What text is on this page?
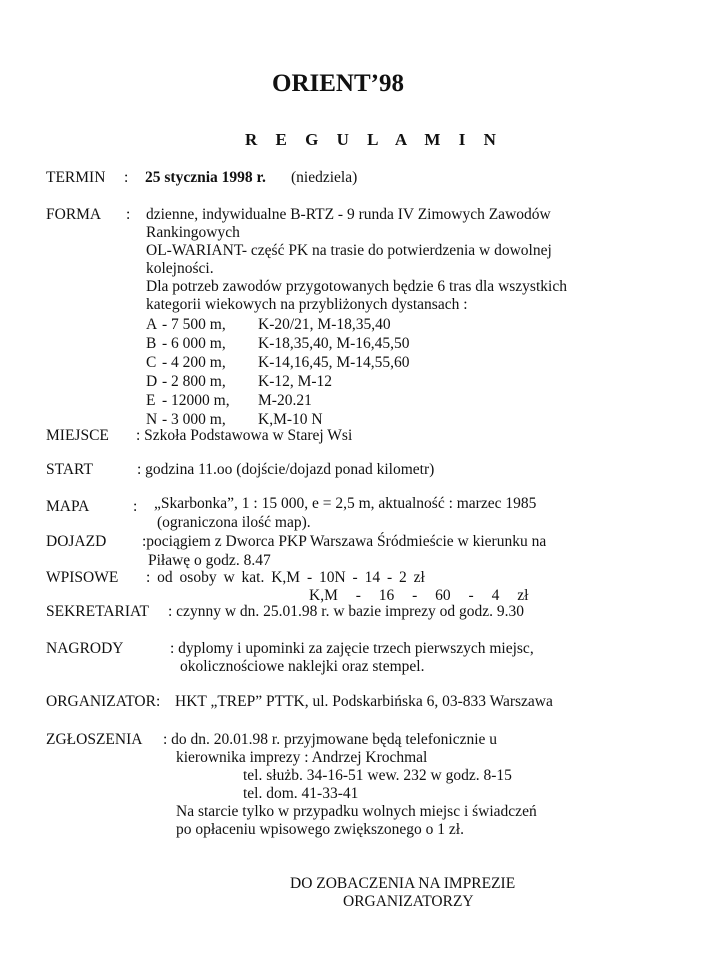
ORIENT’98
R E G U L A M I N
TERMIN : 25 stycznia 1998 r. (niedziela)
FORMA : dzienne, indywidualne B-RTZ - 9 runda IV Zimowych Zawodów
Rankingowych
OL-WARIANT- część PK na trasie do potwierdzenia w dowolnej
kolejności.
Dla potrzeb zawodów przygotowanych będzie 6 tras dla wszystkich
kategorii wiekowych na przybliżonych dystansach :
A - 7 500 m, K-20/21, M-18,35,40
B - 6 000 m, K-18,35,40, M-16,45,50
C - 4 200 m, K-14,16,45, M-14,55,60
D - 2 800 m, K-12, M-12
E - 12000 m, M-20.21
N - 3 000 m, K,M-10 N
MIEJSCE : Szkoła Podstawowa w Starej Wsi
START	: godzina 11.oo (dojście/dojazd ponad kilometr)
MAPA	: „Skarbonka”, 1 : 15 000, e = 2,5 m, aktualność : marzec 1985
(ograniczona ilość map).
DOJAZD :pociągiem z Dworca PKP Warszawa Śródmieście w kierunku na
Piławę o godz. 8.47
WPISOWE : od osoby w kat. K,M - 10N - 14 - 2 zł
K,M - 16 - 60 - 4 zł
SEKRETARIAT : czynny w dn. 25.01.98 r. w bazie imprezy od godz. 9.30
NAGRODY	: dyplomy i upominki za zajęcie trzech pierwszych miejsc,
okolicznościowe naklejki oraz stempel.
ORGANIZATOR: HKT „TREP” PTTK, ul. Podskarbińska 6, 03-833 Warszawa
ZGŁOSZENIA : do dn. 20.01.98 r. przyjmowane będą telefonicznie u
kierownika imprezy : Andrzej Krochmal
tel. służb. 34-16-51 wew. 232 w godz. 8-15
tel. dom. 41-33-41
Na starcie tylko w przypadku wolnych miejsc i świadczeń
po opłaceniu wpisowego zwiększonego o 1 zł.
DO ZOBACZENIA NA IMPREZIE
ORGANIZATORZY
